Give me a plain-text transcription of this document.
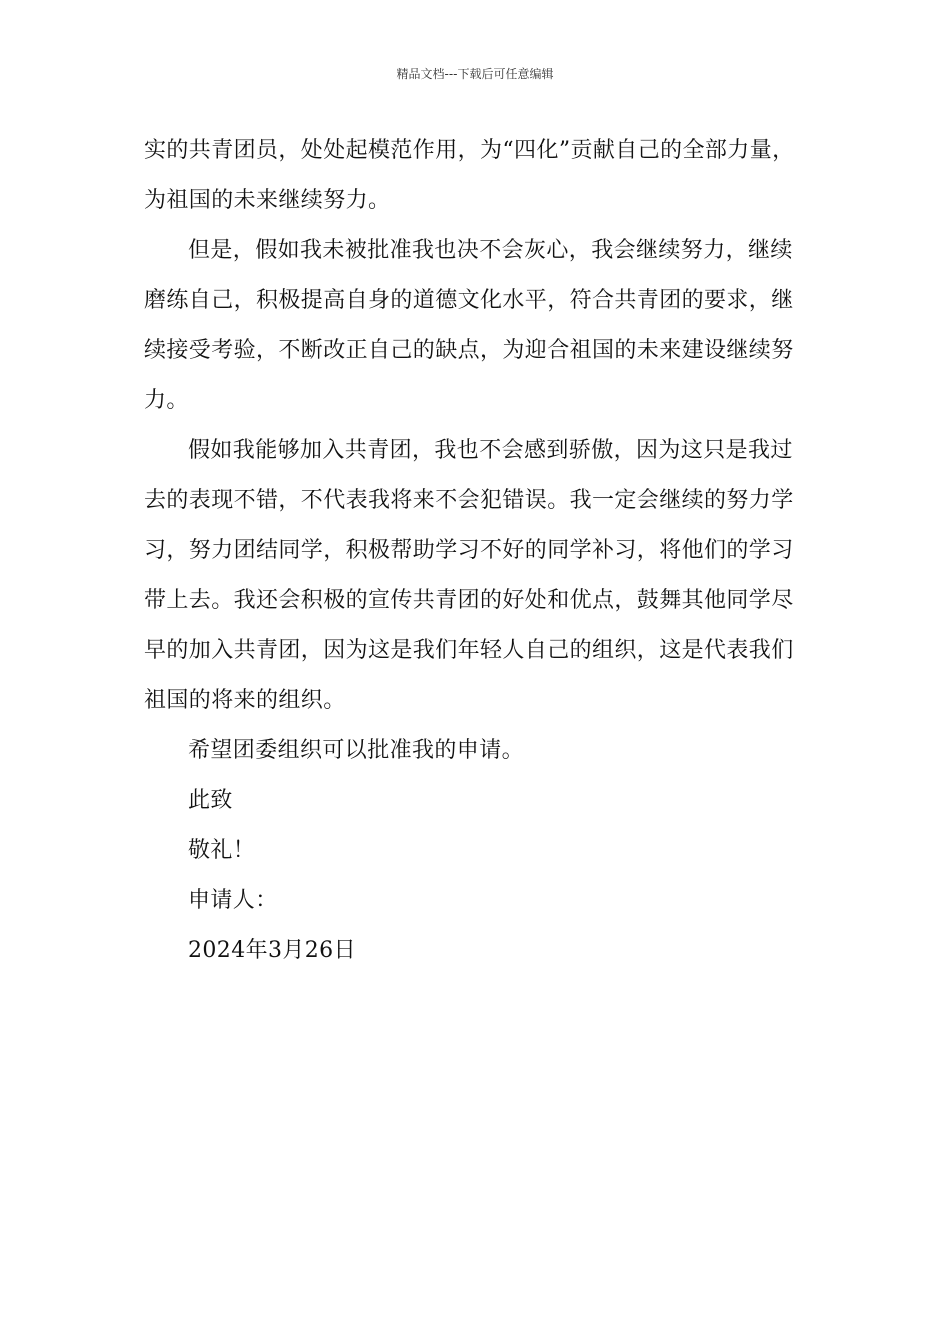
精品文档---下载后可任意编辑
实的共青团员，处处起模范作用，为“四化”贡献自己的全部力量，
为祖国的未来继续努力。
但是，假如我未被批准我也决不会灰心，我会继续努力，继续
磨练自己，积极提高自身的道德文化水平，符合共青团的要求，继
续接受考验，不断改正自己的缺点，为迎合祖国的未来建设继续努
力。
假如我能够加入共青团，我也不会感到骄傲，因为这只是我过
去的表现不错，不代表我将来不会犯错误。我一定会继续的努力学
习，努力团结同学，积极帮助学习不好的同学补习，将他们的学习
带上去。我还会积极的宣传共青团的好处和优点，鼓舞其他同学尽
早的加入共青团，因为这是我们年轻人自己的组织，这是代表我们
祖国的将来的组织。
希望团委组织可以批准我的申请。
此致
敬礼！
申请人：
2024年3月26日
